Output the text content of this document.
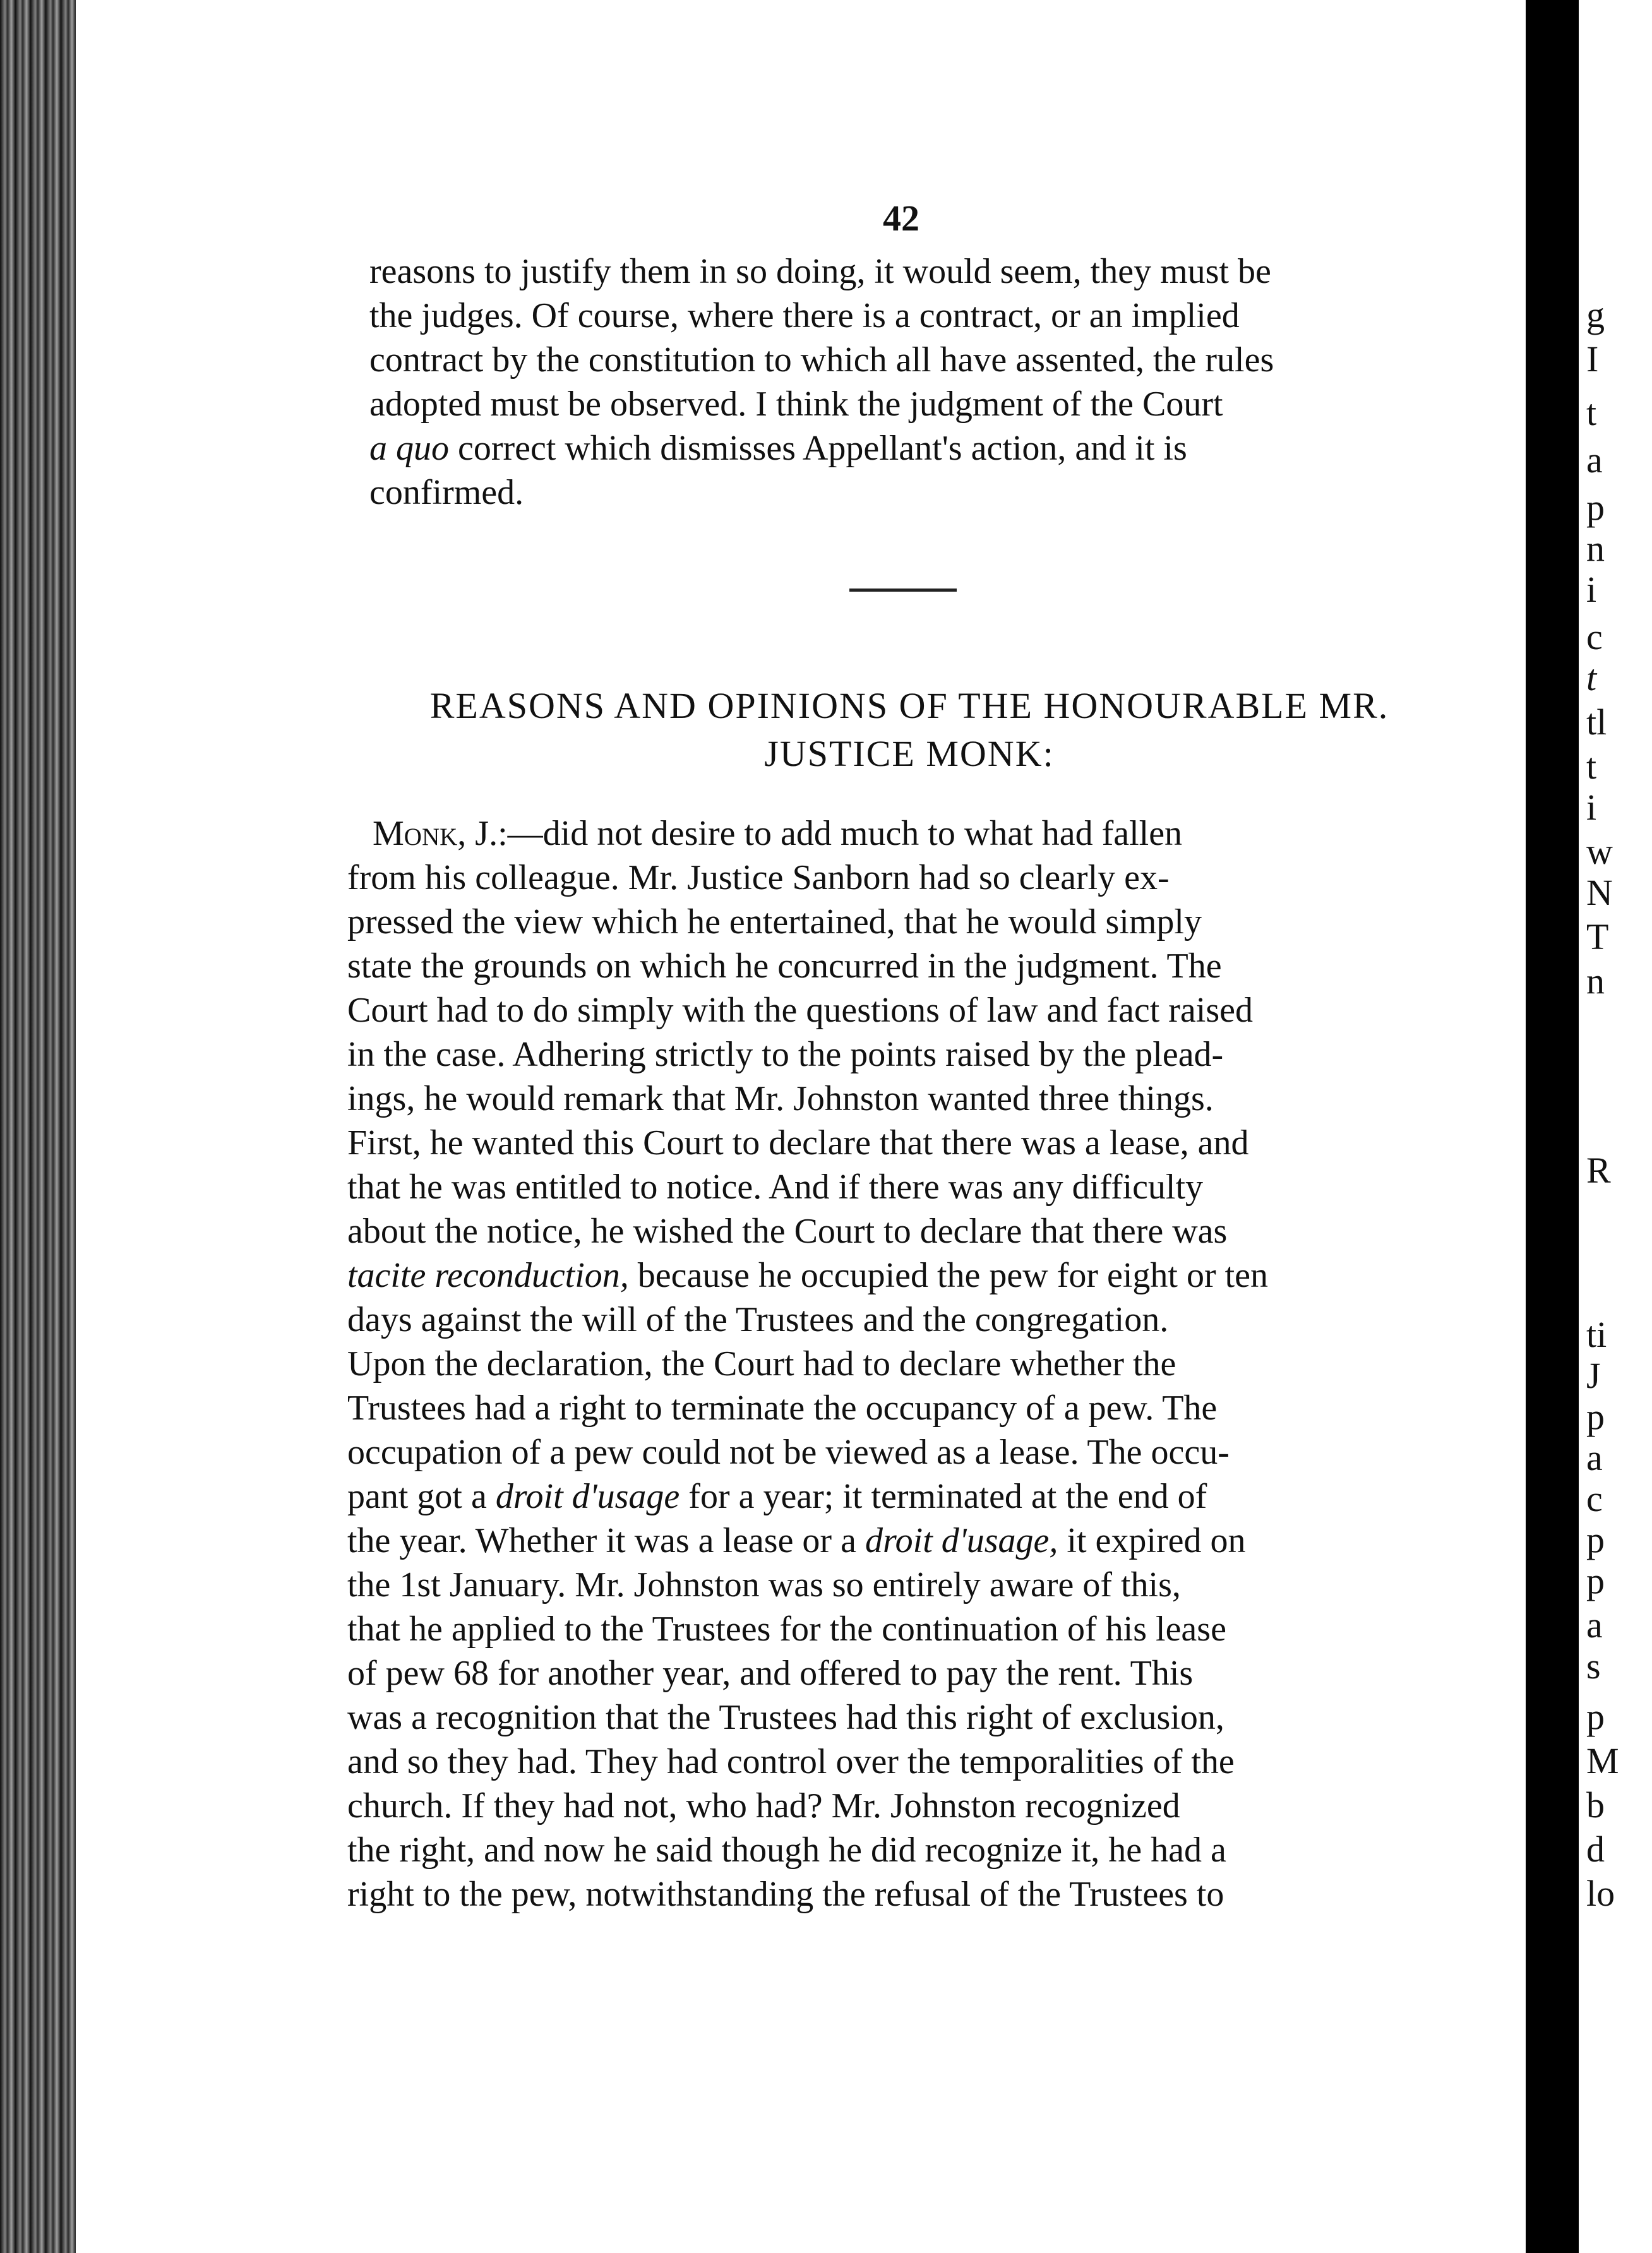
42
reasons to justify them in so doing, it would seem, they must be
the judges. Of course, where there is a contract, or an implied
contract by the constitution to which all have assented, the rules
adopted must be observed. I think the judgment of the Court
a quo correct which dismisses Appellant's action, and it is
confirmed.
REASONS AND OPINIONS OF THE HONOURABLE MR.
JUSTICE MONK:
Monk, J.:—did not desire to add much to what had fallen
from his colleague. Mr. Justice Sanborn had so clearly ex-
pressed the view which he entertained, that he would simply
state the grounds on which he concurred in the judgment. The
Court had to do simply with the questions of law and fact raised
in the case. Adhering strictly to the points raised by the plead-
ings, he would remark that Mr. Johnston wanted three things.
First, he wanted this Court to declare that there was a lease, and
that he was entitled to notice. And if there was any difficulty
about the notice, he wished the Court to declare that there was
tacite reconduction, because he occupied the pew for eight or ten
days against the will of the Trustees and the congregation.
Upon the declaration, the Court had to declare whether the
Trustees had a right to terminate the occupancy of a pew. The
occupation of a pew could not be viewed as a lease. The occu-
pant got a droit d'usage for a year; it terminated at the end of
the year. Whether it was a lease or a droit d'usage, it expired on
the 1st January. Mr. Johnston was so entirely aware of this,
that he applied to the Trustees for the continuation of his lease
of pew 68 for another year, and offered to pay the rent. This
was a recognition that the Trustees had this right of exclusion,
and so they had. They had control over the temporalities of the
church. If they had not, who had? Mr. Johnston recognized
the right, and now he said though he did recognize it, he had a
right to the pew, notwithstanding the refusal of the Trustees to
g
I
t
a
p
n
i
c
t
tl
t
i
w
N
T
n
R
ti
J
p
a
c
p
p
a
s
p
M
b
d
lo
